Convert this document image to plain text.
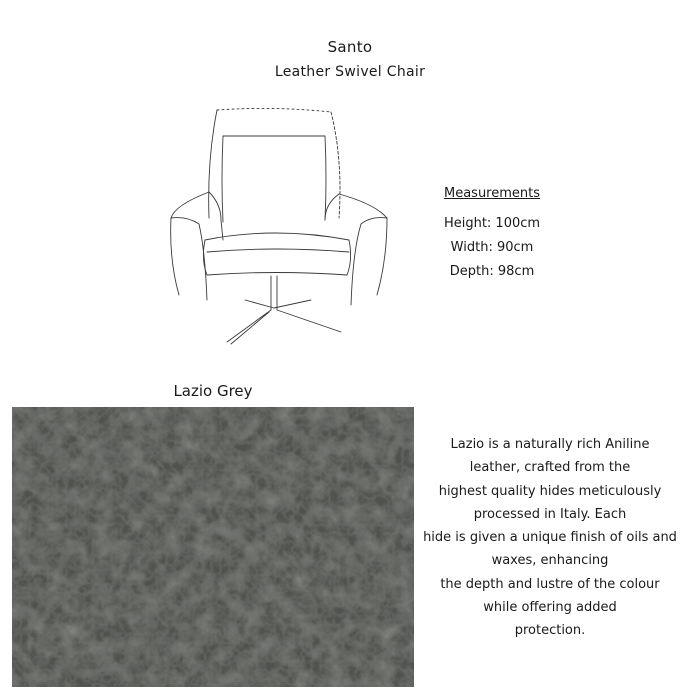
Santo
Leather Swivel Chair
Measurements
Height: 100cm
Width: 90cm
Depth: 98cm
Lazio Grey
Lazio is a naturally rich Aniline
leather, crafted from the
highest quality hides meticulously
processed in Italy. Each
hide is given a unique finish of oils and
waxes, enhancing
the depth and lustre of the colour
while offering added
protection.
